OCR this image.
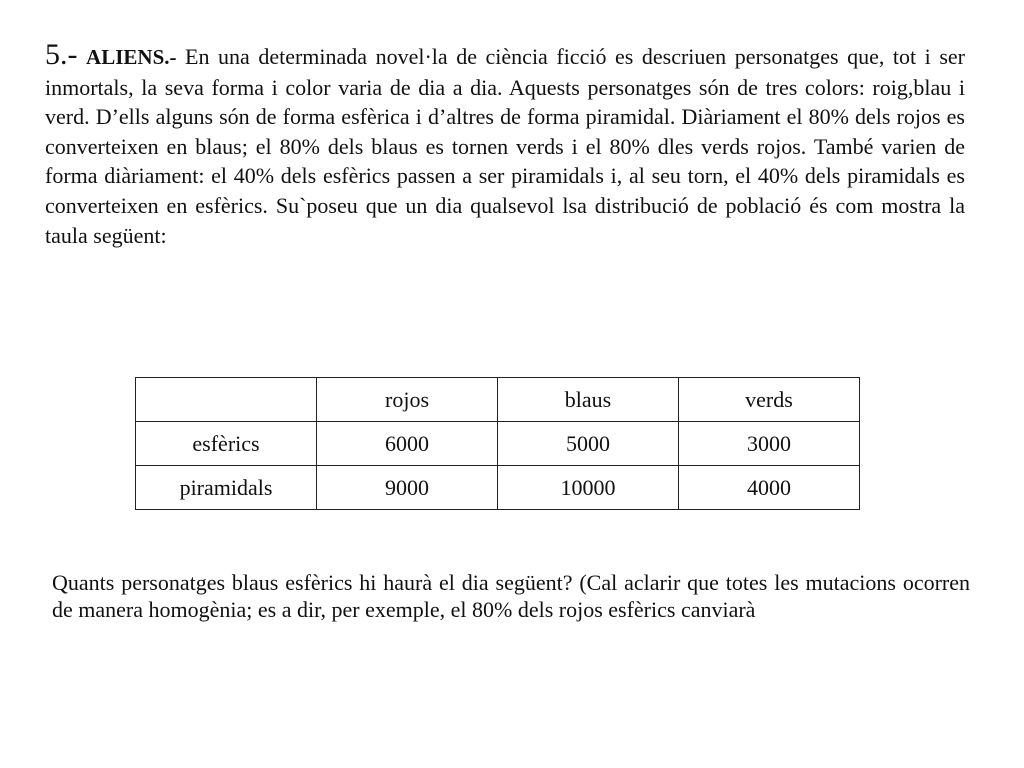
5.- ALIENS.- En una determinada novel·la de ciència ficció es descriuen personatges que, tot i ser inmortals, la seva forma i color varia de dia a dia. Aquests personatges són de tres colors: roig,blau i verd. D’ells alguns són de forma esfèrica i d’altres de forma piramidal. Diàriament el 80% dels rojos es converteixen en blaus; el 80% dels blaus es tornen verds i el 80% dles verds rojos. També varien de forma diàriament: el 40% dels esfèrics passen a ser piramidals i, al seu torn, el 40% dels piramidals es converteixen en esfèrics. Su`poseu que un dia qualsevol lsa distribució de població és com mostra la taula següent:

	rojos	blaus	verds
esfèrics	6000	5000	3000
piramidals	9000	10000	4000

Quants personatges blaus esfèrics hi haurà el dia següent? (Cal aclarir que totes les mutacions ocorren de manera homogènia; es a dir, per exemple, el 80% dels rojos esfèrics canviarà
